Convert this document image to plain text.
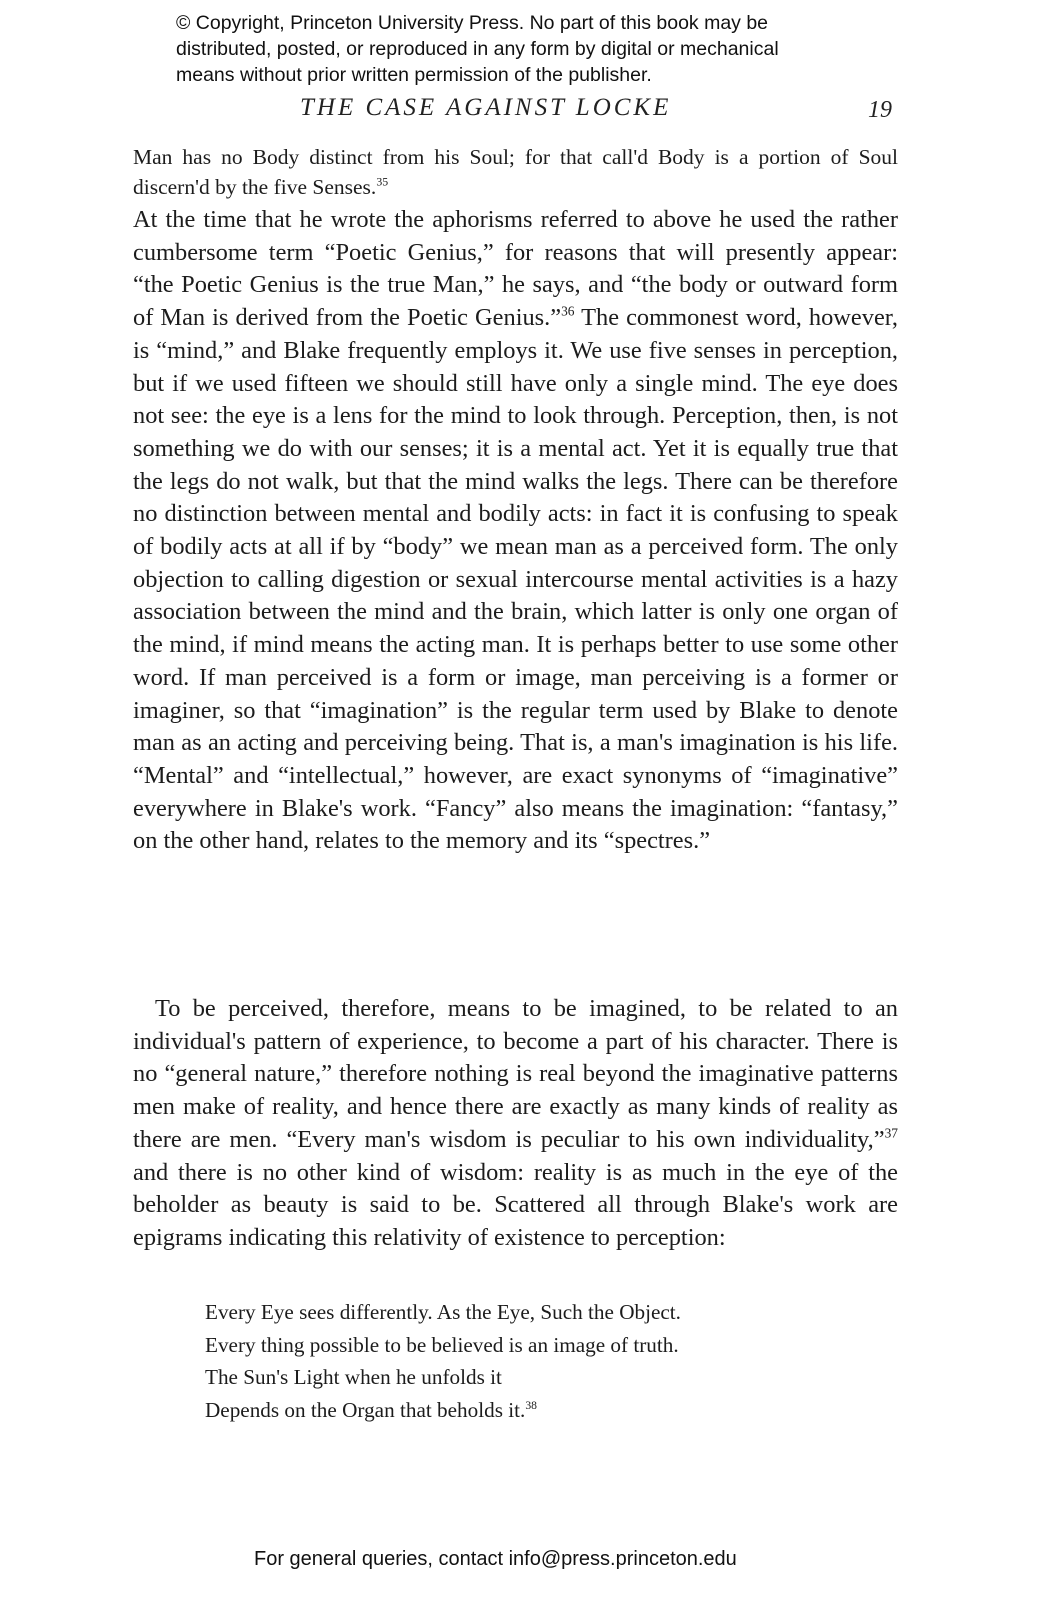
© Copyright, Princeton University Press. No part of this book may be
distributed, posted, or reproduced in any form by digital or mechanical
means without prior written permission of the publisher.
THE CASE AGAINST LOCKE	19
Man has no Body distinct from his Soul; for that call'd Body is a portion of Soul discern'd by the five Senses.$^{35}$
At the time that he wrote the aphorisms referred to above he used the rather cumbersome term “Poetic Genius,” for reasons that will presently appear: “the Poetic Genius is the true Man,” he says, and “the body or outward form of Man is derived from the Poetic Genius.”$^{36}$ The commonest word, however, is “mind,” and Blake frequently employs it. We use five senses in perception, but if we used fifteen we should still have only a single mind. The eye does not see: the eye is a lens for the mind to look through. Perception, then, is not something we do with our senses; it is a mental act. Yet it is equally true that the legs do not walk, but that the mind walks the legs. There can be therefore no distinction between mental and bodily acts: in fact it is confusing to speak of bodily acts at all if by “body” we mean man as a perceived form. The only objection to calling digestion or sexual intercourse mental activities is a hazy association between the mind and the brain, which latter is only one organ of the mind, if mind means the acting man. It is perhaps better to use some other word. If man perceived is a form or image, man perceiving is a former or imaginer, so that “imagination” is the regular term used by Blake to denote man as an acting and perceiving being. That is, a man's imagination is his life. “Mental” and “intellectual,” however, are exact synonyms of “imaginative” everywhere in Blake's work. “Fancy” also means the imagination: “fantasy,” on the other hand, relates to the memory and its “spectres.”
To be perceived, therefore, means to be imagined, to be related to an individual's pattern of experience, to become a part of his character. There is no “general nature,” therefore nothing is real beyond the imaginative patterns men make of reality, and hence there are exactly as many kinds of reality as there are men. “Every man's wisdom is peculiar to his own individuality,”$^{37}$ and there is no other kind of wisdom: reality is as much in the eye of the beholder as beauty is said to be. Scattered all through Blake's work are epigrams indicating this relativity of existence to perception:
Every Eye sees differently. As the Eye, Such the Object.
Every thing possible to be believed is an image of truth.
The Sun's Light when he unfolds it
Depends on the Organ that beholds it.$^{38}$
For general queries, contact info@press.princeton.edu
